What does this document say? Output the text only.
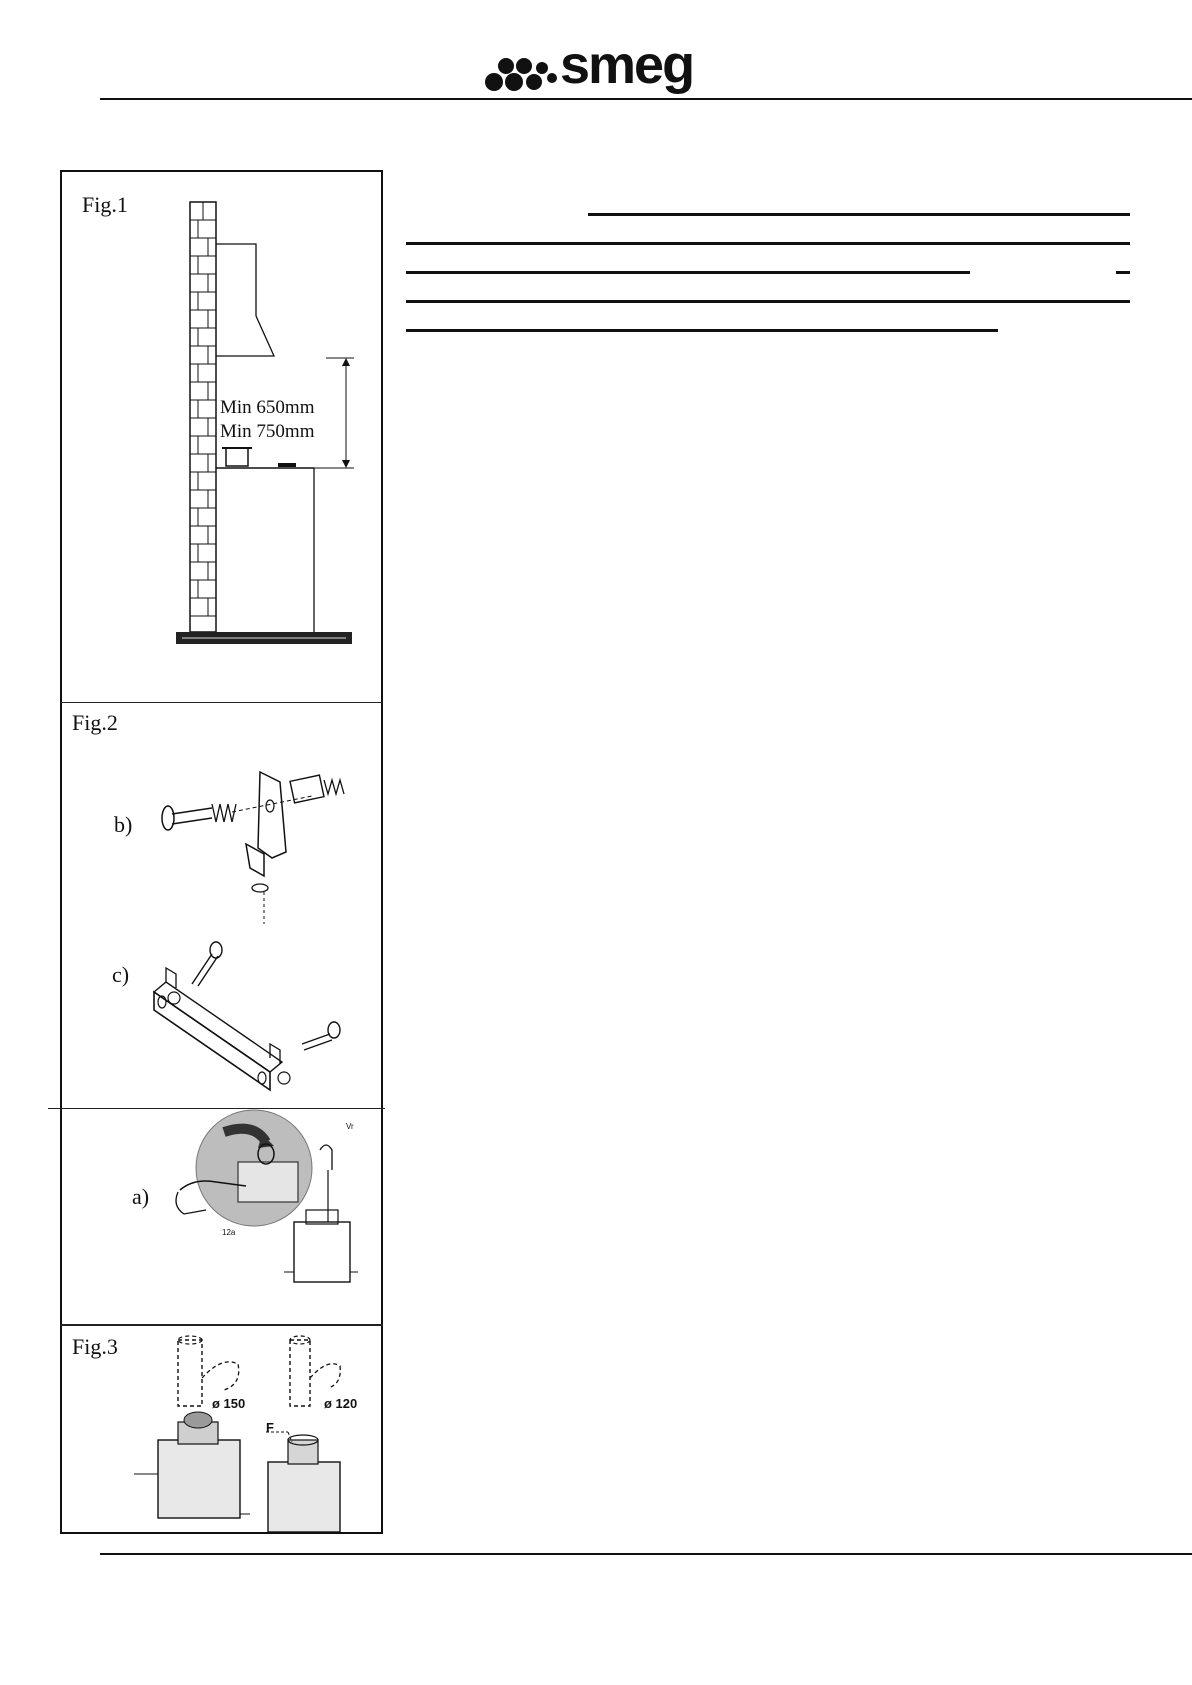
smeg
Fig.1
Min 650mm
Min 750mm
Fig.2
b)
c)
a)
Vr
12a
Fig.3
ø 150	ø 120
F
